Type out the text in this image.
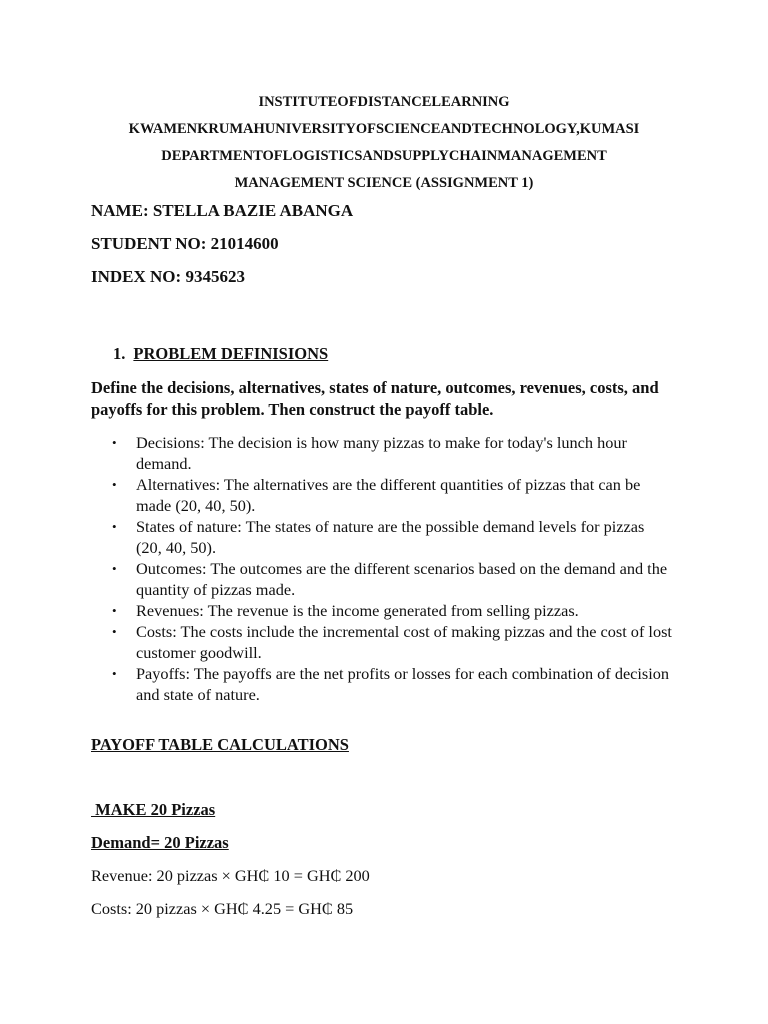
INSTITUTEOFDISTANCELEARNING
KWAMENKRUMAHUNIVERSITYOFSCIENCEANDTECHNOLOGY,KUMASI
DEPARTMENTOFLOGISTICSANDSUPPLYCHAINMANAGEMENT
MANAGEMENT SCIENCE (ASSIGNMENT 1)
NAME: STELLA BAZIE ABANGA
STUDENT NO: 21014600
INDEX NO: 9345623
1. PROBLEM DEFINISIONS
Define the decisions, alternatives, states of nature, outcomes, revenues, costs, and payoffs for this problem. Then construct the payoff table.
•	Decisions: The decision is how many pizzas to make for today's lunch hour demand.
•	Alternatives: The alternatives are the different quantities of pizzas that can be made (20, 40, 50).
•	States of nature: The states of nature are the possible demand levels for pizzas (20, 40, 50).
•	Outcomes: The outcomes are the different scenarios based on the demand and the quantity of pizzas made.
•	Revenues: The revenue is the income generated from selling pizzas.
•	Costs: The costs include the incremental cost of making pizzas and the cost of lost customer goodwill.
•	Payoffs: The payoffs are the net profits or losses for each combination of decision and state of nature.
PAYOFF TABLE CALCULATIONS
MAKE 20 Pizzas
Demand= 20 Pizzas
Revenue: 20 pizzas × GH₵ 10 = GH₵ 200
Costs: 20 pizzas × GH₵ 4.25 = GH₵ 85
